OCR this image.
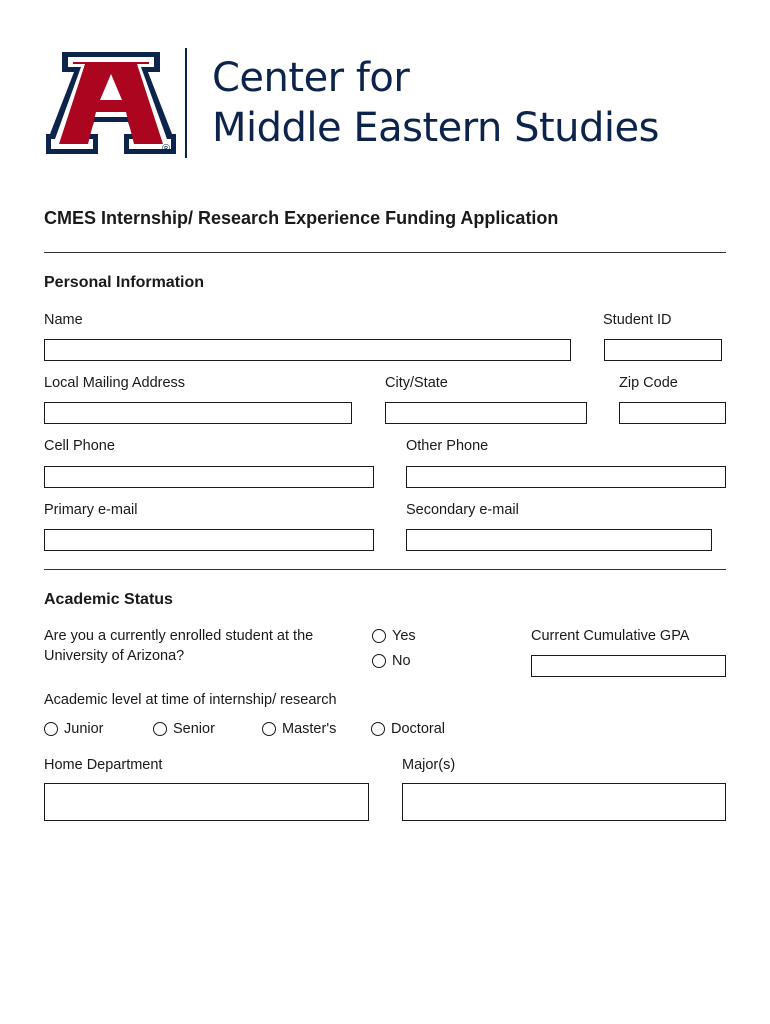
®
Center for
Middle Eastern Studies
CMES Internship/ Research Experience Funding Application
Personal Information
Name	Student ID
Local Mailing Address	City/State	Zip Code
Cell Phone	Other Phone
Primary e-mail	Secondary e-mail
Academic Status
Are you a currently enrolled student at the University of Arizona?
Yes
No
Current Cumulative GPA
Academic level at time of internship/ research
Junior	Senior	Master's	Doctoral
Home Department	Major(s)
